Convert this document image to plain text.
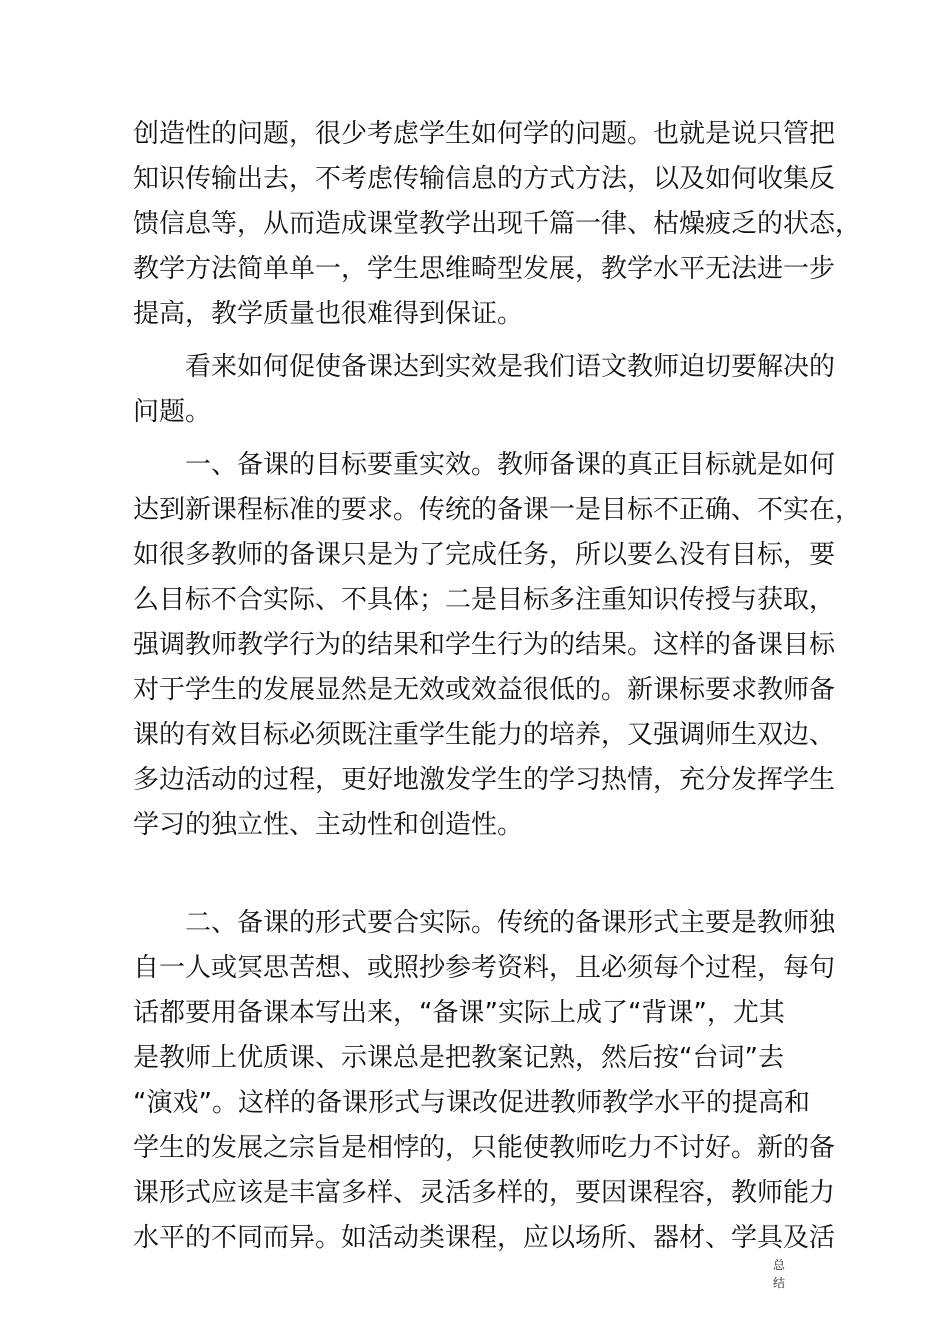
创造性的问题，很少考虑学生如何学的问题。也就是说只管把
知识传输出去，不考虑传输信息的方式方法，以及如何收集反
馈信息等，从而造成课堂教学出现千篇一律、枯燥疲乏的状态，
教学方法简单单一，学生思维畸型发展，教学水平无法进一步
提高，教学质量也很难得到保证。
　　看来如何促使备课达到实效是我们语文教师迫切要解决的
问题。
　　一、备课的目标要重实效。教师备课的真正目标就是如何
达到新课程标准的要求。传统的备课一是目标不正确、不实在，
如很多教师的备课只是为了完成任务，所以要么没有目标，要
么目标不合实际、不具体；二是目标多注重知识传授与获取，
强调教师教学行为的结果和学生行为的结果。这样的备课目标
对于学生的发展显然是无效或效益很低的。新课标要求教师备
课的有效目标必须既注重学生能力的培养，又强调师生双边、
多边活动的过程，更好地激发学生的学习热情，充分发挥学生
学习的独立性、主动性和创造性。
　　二、备课的形式要合实际。传统的备课形式主要是教师独
自一人或冥思苦想、或照抄参考资料，且必须每个过程，每句
话都要用备课本写出来，“备课”实际上成了“背课”，尤其
是教师上优质课、示课总是把教案记熟，然后按“台词”去
“演戏”。这样的备课形式与课改促进教师教学水平的提高和
学生的发展之宗旨是相悖的，只能使教师吃力不讨好。新的备
课形式应该是丰富多样、灵活多样的，要因课程容，教师能力
水平的不同而异。如活动类课程，应以场所、器材、学具及活
总
结
